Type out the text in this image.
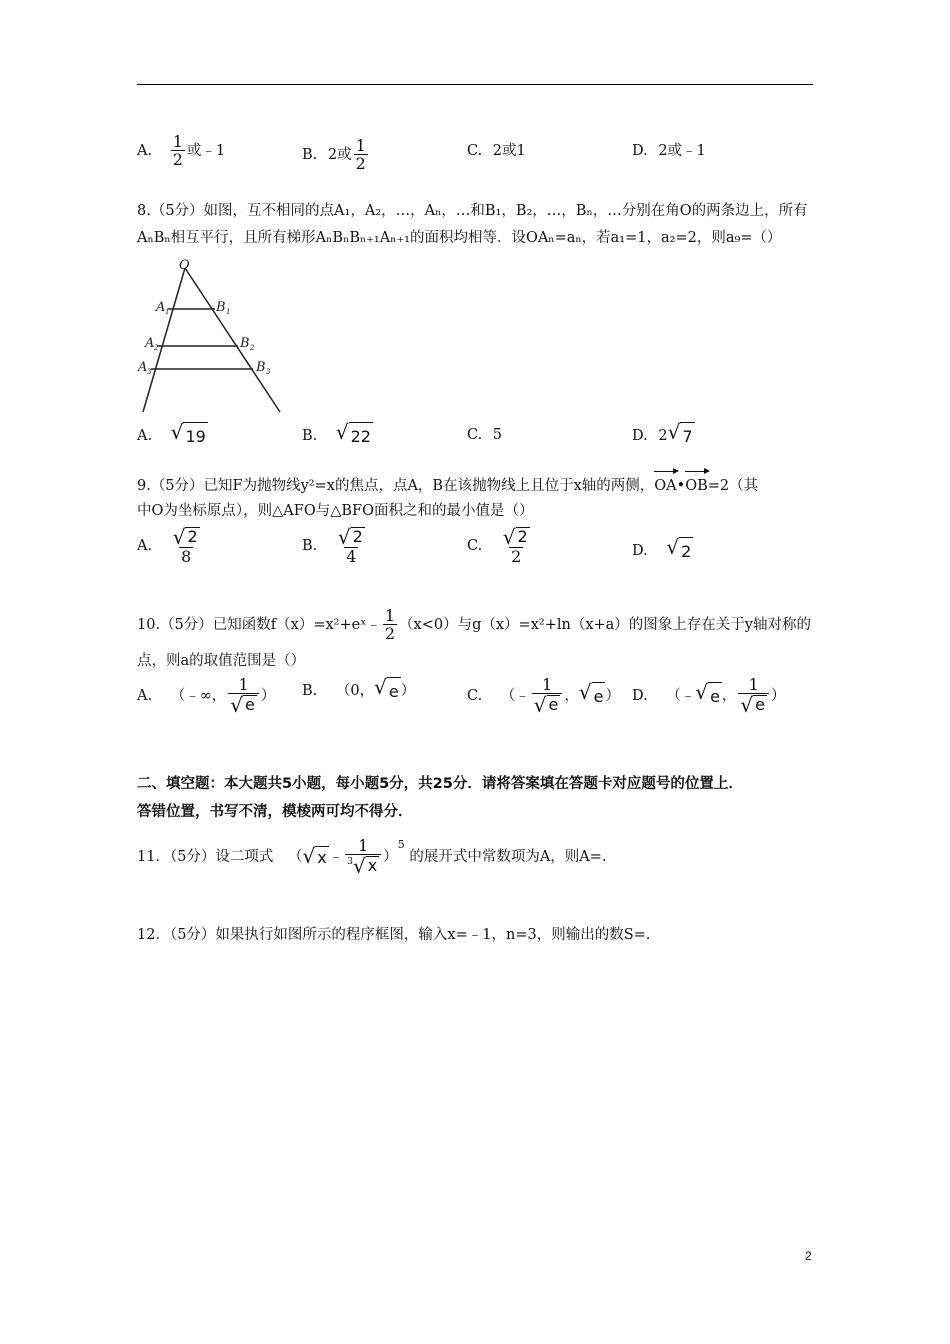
A. $\frac{1}{2}$ 或﹣1	B. 2或 $\frac{1}{2}$	C. 2或1	D. 2或﹣1
8.（5分）如图，互不相同的点A₁，A₂，…，Aₙ，…和B₁，B₂，…，Bₙ，…分别在角O的两条边上，所有
AₙBₙ相互平行，且所有梯形AₙBₙBₙ₊₁Aₙ₊₁的面积均相等．设OAₙ=aₙ，若a₁=1，a₂=2，则a₉=（）
O
A 1	B 1
A 2	B 2
A 3	B 3
A. √ 19	B. √ 22	C. 5	D. 2 √ 7
9.（5分）已知F为抛物线y²=x的焦点，点A，B在该抛物线上且位于x轴的两侧，OA•OB=2（其
中O为坐标原点），则△AFO与△BFO面积之和的最小值是（）
A. $\frac{√ 2}{8}$	B. $\frac{√ 2}{4}$	C. $\frac{√ 2}{2}$	D. √ 2
10.（5分）已知函数f（x）=x²+eˣ﹣ $\frac{1}{2} (x<0)$与g（x）=x²+ln（x+a）的图象上存在关于y轴对称的
点，则a的取值范围是（）
A. （﹣∞， $\frac{1}{√ e}$ ） B. （0， √ e ）	C. （﹣ $\frac{1}{√ e}$ ， √ e ） D. （﹣ √ e ， $\frac{1}{√ e}$ ）
二、填空题：本大题共5小题，每小题5分，共25分．请将答案填在答题卡对应题号的位置上．
答错位置，书写不清，模棱两可均不得分．
11．（5分）设二项式 （ √ x ﹣ $\frac{1}{^3 √ x}$ ）
5
的展开式中常数项为A，则A=.
12．（5分）如果执行如图所示的程序框图，输入x=﹣1，n=3，则输出的数S=.
2
